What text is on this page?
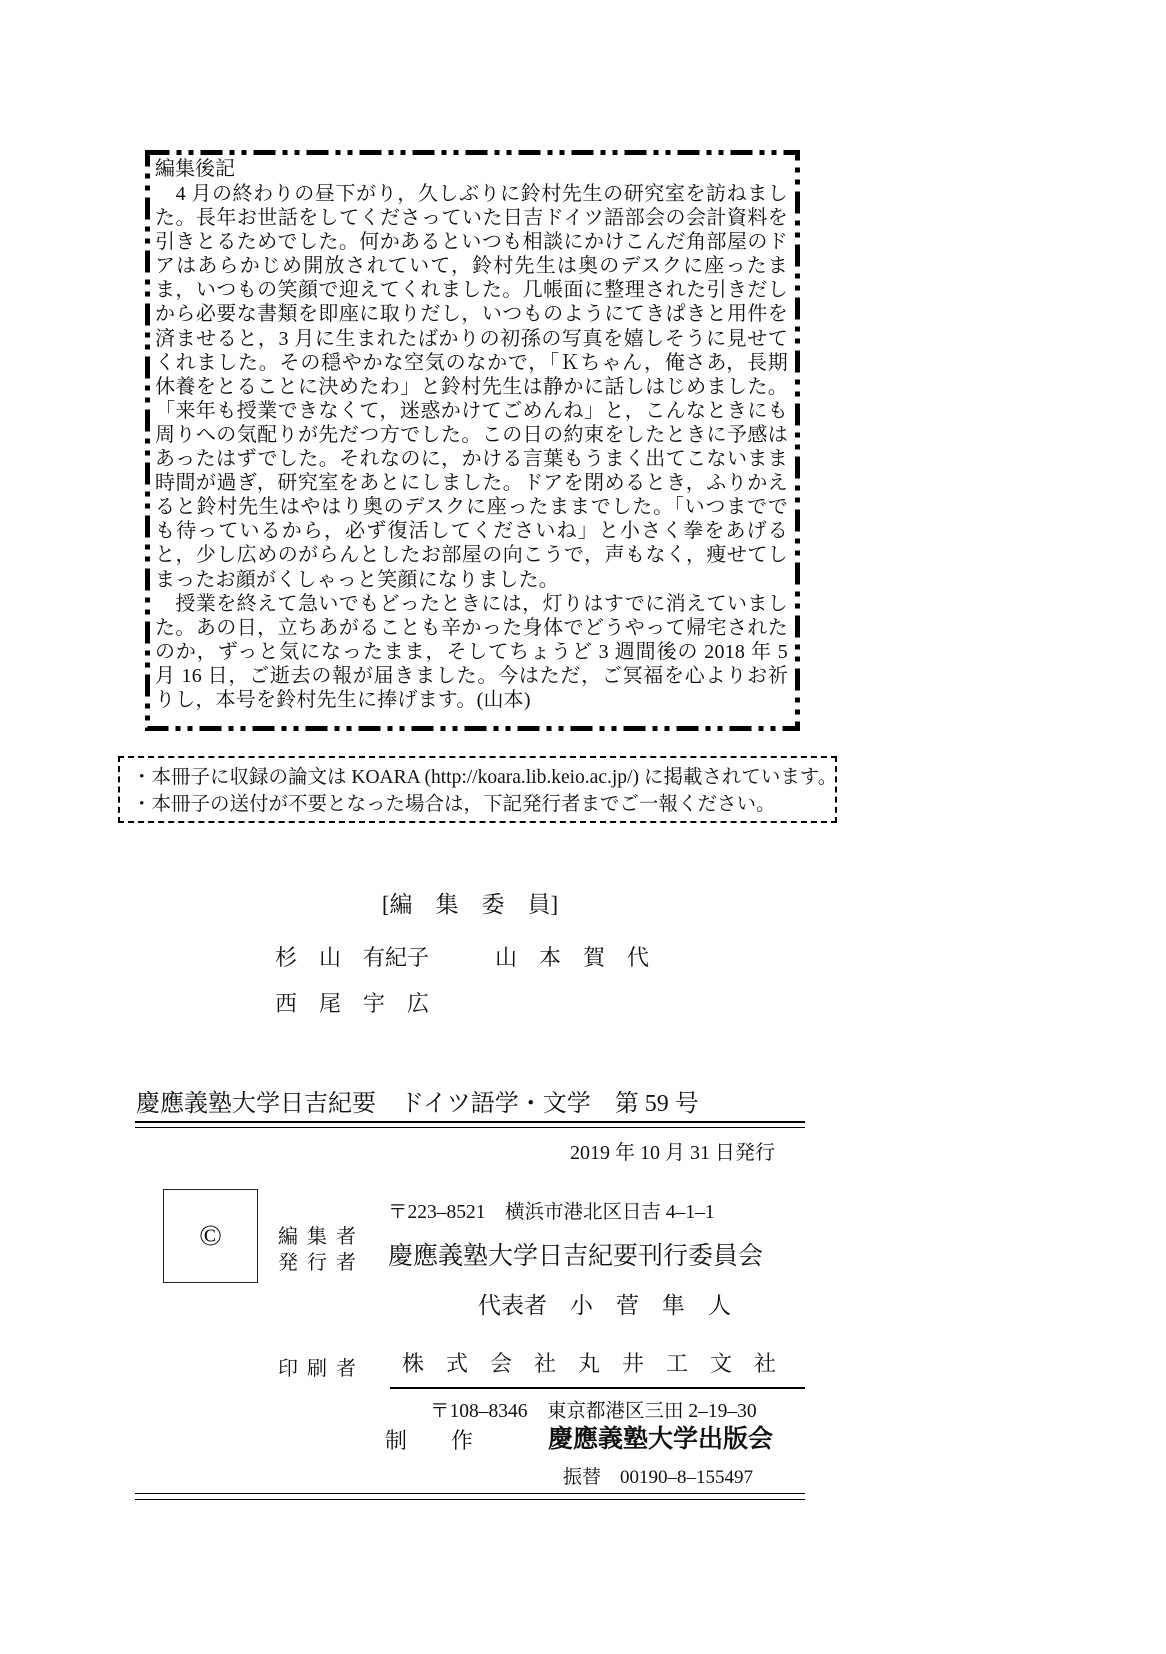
編集後記

　4 月の終わりの昼下がり，久しぶりに鈴村先生の研究室を訪ねました。長年お世話をしてくださっていた日吉ドイツ語部会の会計資料を引きとるためでした。何かあるといつも相談にかけこんだ角部屋のドアはあらかじめ開放されていて，鈴村先生は奥のデスクに座ったまま，いつもの笑顔で迎えてくれました。几帳面に整理された引きだしから必要な書類を即座に取りだし，いつものようにてきぱきと用件を済ませると，3 月に生まれたばかりの初孫の写真を嬉しそうに見せてくれました。その穏やかな空気のなかで，「Ｋちゃん，俺さあ，長期休養をとることに決めたわ」と鈴村先生は静かに話しはじめました。「来年も授業できなくて，迷惑かけてごめんね」と，こんなときにも周りへの気配りが先だつ方でした。この日の約束をしたときに予感はあったはずでした。それなのに，かける言葉もうまく出てこないまま時間が過ぎ，研究室をあとにしました。ドアを閉めるとき，ふりかえると鈴村先生はやはり奥のデスクに座ったままでした。「いつまででも待っているから，必ず復活してくださいね」と小さく拳をあげると，少し広めのがらんとしたお部屋の向こうで，声もなく，痩せてしまったお顔がくしゃっと笑顔になりました。

　授業を終えて急いでもどったときには，灯りはすでに消えていました。あの日，立ちあがることも辛かった身体でどうやって帰宅されたのか，ずっと気になったまま，そしてちょうど 3 週間後の 2018 年 5 月 16 日，ご逝去の報が届きました。今はただ，ご冥福を心よりお祈りし，本号を鈴村先生に捧げます。(山本)

・本冊子に収録の論文は KOARA (http://koara.lib.keio.ac.jp/) に掲載されています。
・本冊子の送付が不要となった場合は，下記発行者までご一報ください。
[編　集　委　員]
杉　山　有紀子　　　山　本　賀　代
西　尾　宇　広
慶應義塾大学日吉紀要　ドイツ語学・文学　第 59 号
2019 年 10 月 31 日発行
©
〒223–8521　横浜市港北区日吉 4–1–1
編集者
発行者 慶應義塾大学日吉紀要刊行委員会
代表者　小　菅　隼　人
印刷者 株　式　会　社　丸　井　工　文　社
〒108–8346　東京都港区三田 2–19–30
制　　作	慶應義塾大学出版会
振替　00190–8–155497
